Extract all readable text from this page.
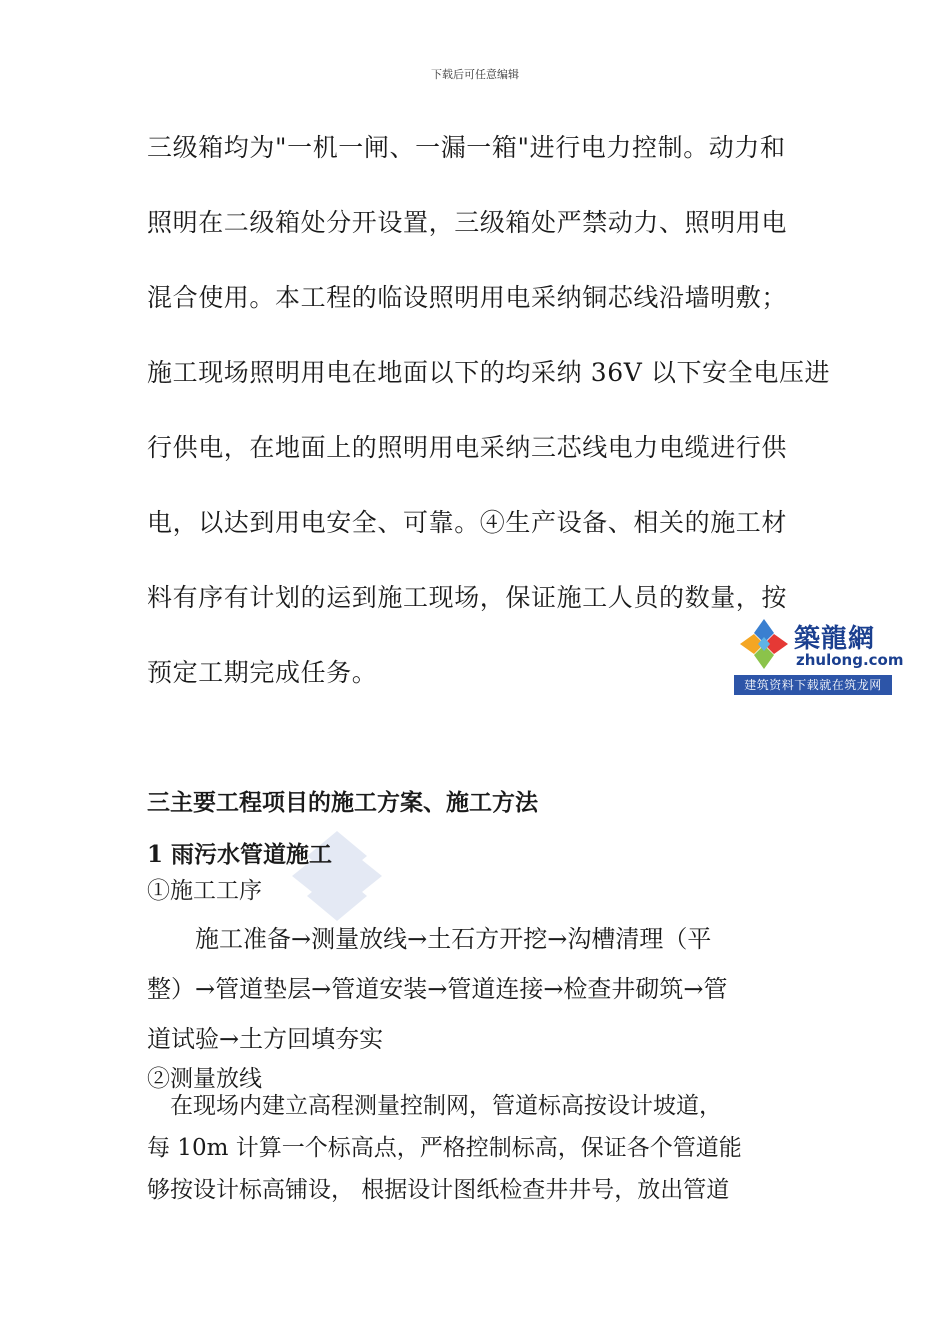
下载后可任意编辑
三级箱均为"一机一闸、一漏一箱"进行电力控制。动力和
照明在二级箱处分开设置，三级箱处严禁动力、照明用电
混合使用。本工程的临设照明用电采纳铜芯线沿墙明敷；
施工现场照明用电在地面以下的均采纳 36V 以下安全电压进
行供电，在地面上的照明用电采纳三芯线电力电缆进行供
电，以达到用电安全、可靠。④生产设备、相关的施工材
料有序有计划的运到施工现场，保证施工人员的数量，按
预定工期完成任务。
築龍網
zhulong.com
建筑资料下载就在筑龙网
三主要工程项目的施工方案、施工方法
1 雨污水管道施工
①施工工序
　　施工准备→测量放线→土石方开挖→沟槽清理（平
整）→管道垫层→管道安装→管道连接→检查井砌筑→管
道试验→土方回填夯实
②测量放线
　在现场内建立高程测量控制网，管道标高按设计坡道，
每 10m 计算一个标高点，严格控制标高，保证各个管道能
够按设计标高铺设， 根据设计图纸检查井井号，放出管道
